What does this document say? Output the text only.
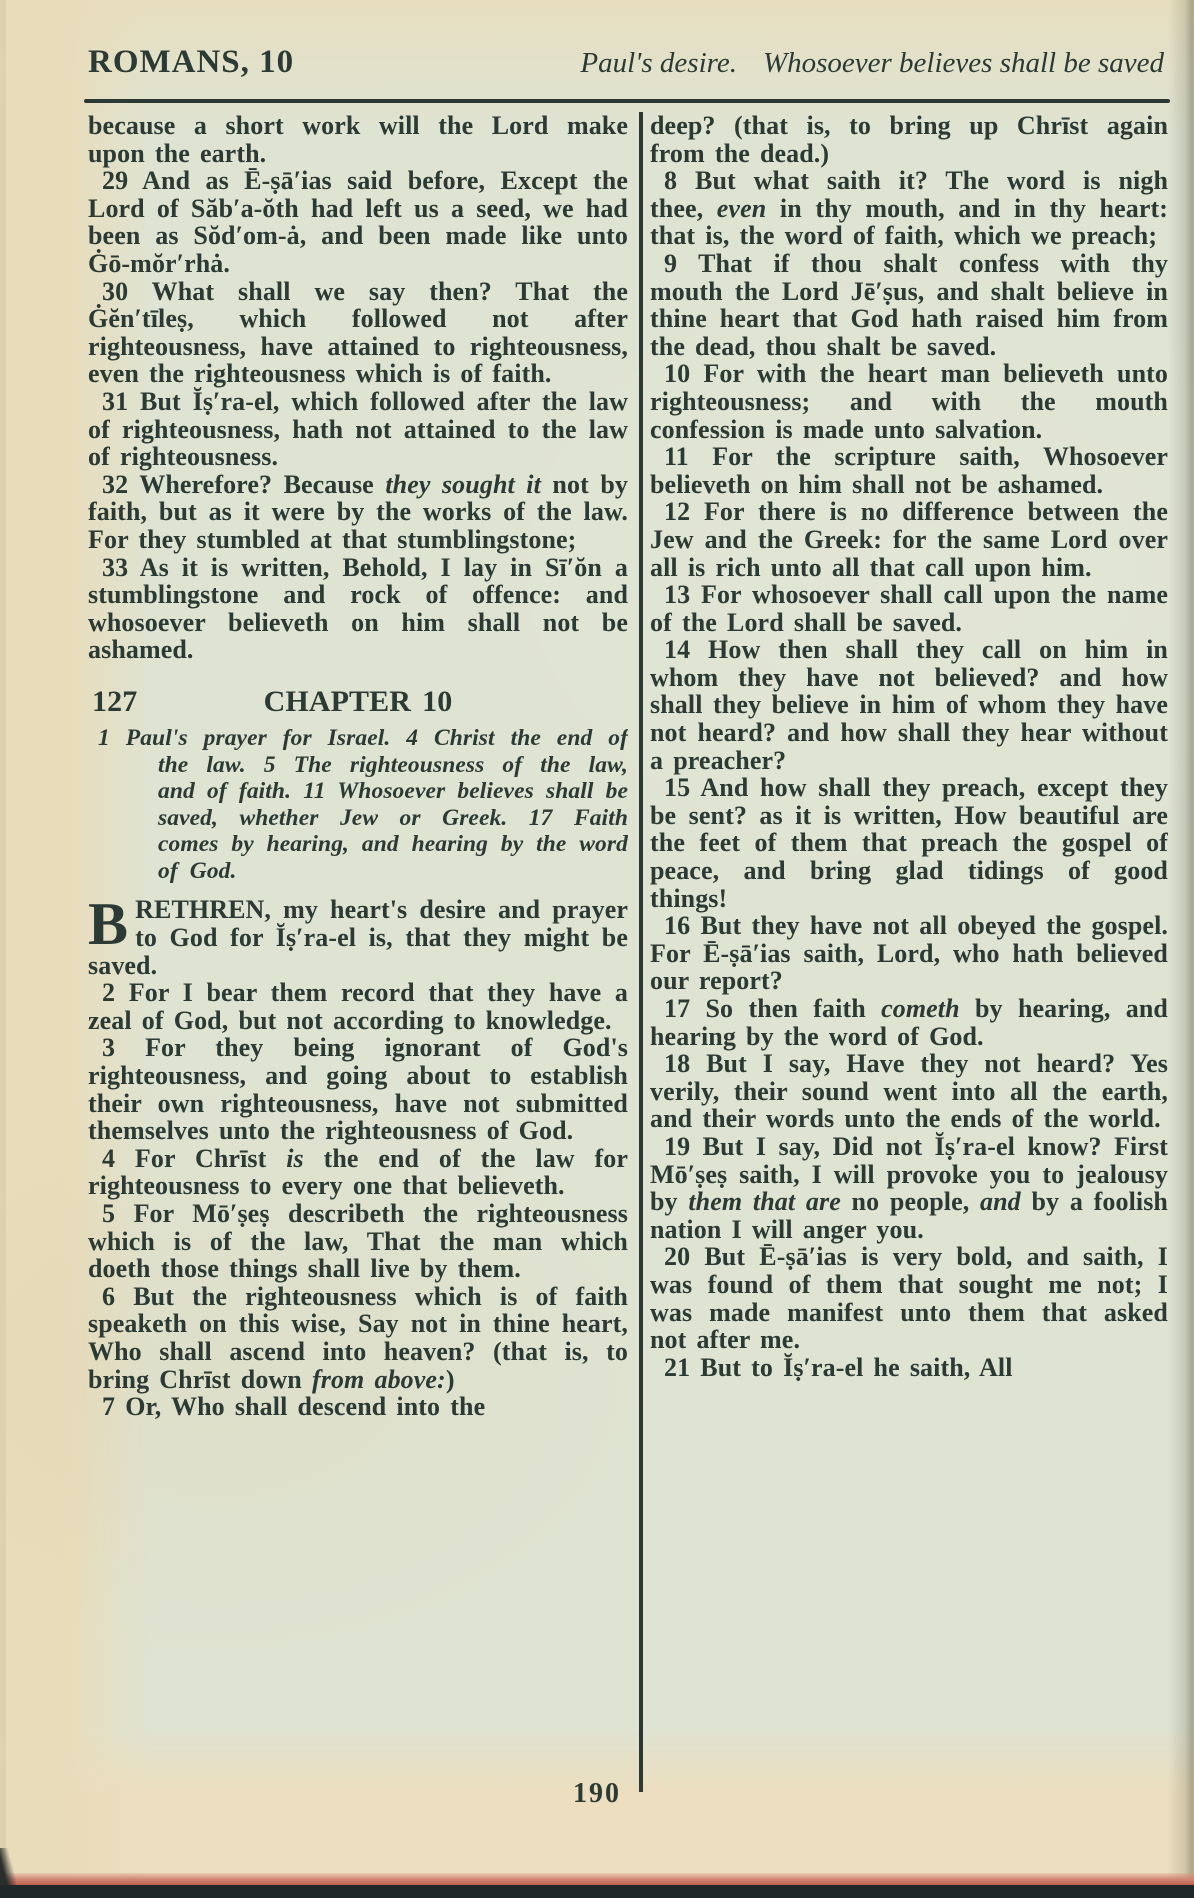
ROMANS, 10	Paul's desire. Whosoever believes shall be saved

because a short work will the Lord make upon the earth.

29 And as Ē-ṣā′ias said before, Except the Lord of Săb′a-ŏth had left us a seed, we had been as Sŏd′om-ȧ, and been made like unto Ġō-mŏr′rhȧ.

30 What shall we say then? That the Ġĕn′tīleṣ, which followed not after righteousness, have attained to righteousness, even the righteousness which is of faith.

31 But Ĭṣ′ra-el, which followed after the law of righteousness, hath not attained to the law of righteousness.

32 Wherefore? Because they sought it not by faith, but as it were by the works of the law. For they stumbled at that stumblingstone;

33 As it is written, Behold, I lay in Sī′ŏn a stumblingstone and rock of offence: and whosoever believeth on him shall not be ashamed.

127	CHAPTER 10

1 Paul's prayer for Israel. 4 Christ the end of the law. 5 The righteousness of the law, and of faith. 11 Whosoever believes shall be saved, whether Jew or Greek. 17 Faith comes by hearing, and hearing by the word of God.

BRETHREN, my heart's desire and prayer to God for Ĭṣ′ra-el is, that they might be saved.

2 For I bear them record that they have a zeal of God, but not according to knowledge.

3 For they being ignorant of God's righteousness, and going about to establish their own righteousness, have not submitted themselves unto the righteousness of God.

4 For Chrīst is the end of the law for righteousness to every one that believeth.

5 For Mō′ṣeṣ describeth the righteousness which is of the law, That the man which doeth those things shall live by them.

6 But the righteousness which is of faith speaketh on this wise, Say not in thine heart, Who shall ascend into heaven? (that is, to bring Chrīst down from above:)

7 Or, Who shall descend into the

deep? (that is, to bring up Chrīst again from the dead.)

8 But what saith it? The word is nigh thee, even in thy mouth, and in thy heart: that is, the word of faith, which we preach;

9 That if thou shalt confess with thy mouth the Lord Jē′ṣus, and shalt believe in thine heart that God hath raised him from the dead, thou shalt be saved.

10 For with the heart man believeth unto righteousness; and with the mouth confession is made unto salvation.

11 For the scripture saith, Whosoever believeth on him shall not be ashamed.

12 For there is no difference between the Jew and the Greek: for the same Lord over all is rich unto all that call upon him.

13 For whosoever shall call upon the name of the Lord shall be saved.

14 How then shall they call on him in whom they have not believed? and how shall they believe in him of whom they have not heard? and how shall they hear without a preacher?

15 And how shall they preach, except they be sent? as it is written, How beautiful are the feet of them that preach the gospel of peace, and bring glad tidings of good things!

16 But they have not all obeyed the gospel. For Ē-ṣā′ias saith, Lord, who hath believed our report?

17 So then faith cometh by hearing, and hearing by the word of God.

18 But I say, Have they not heard? Yes verily, their sound went into all the earth, and their words unto the ends of the world.

19 But I say, Did not Ĭṣ′ra-el know? First Mō′ṣeṣ saith, I will provoke you to jealousy by them that are no people, and by a foolish nation I will anger you.

20 But Ē-ṣā′ias is very bold, and saith, I was found of them that sought me not; I was made manifest unto them that asked not after me.

21 But to Ĭṣ′ra-el he saith, All

190
